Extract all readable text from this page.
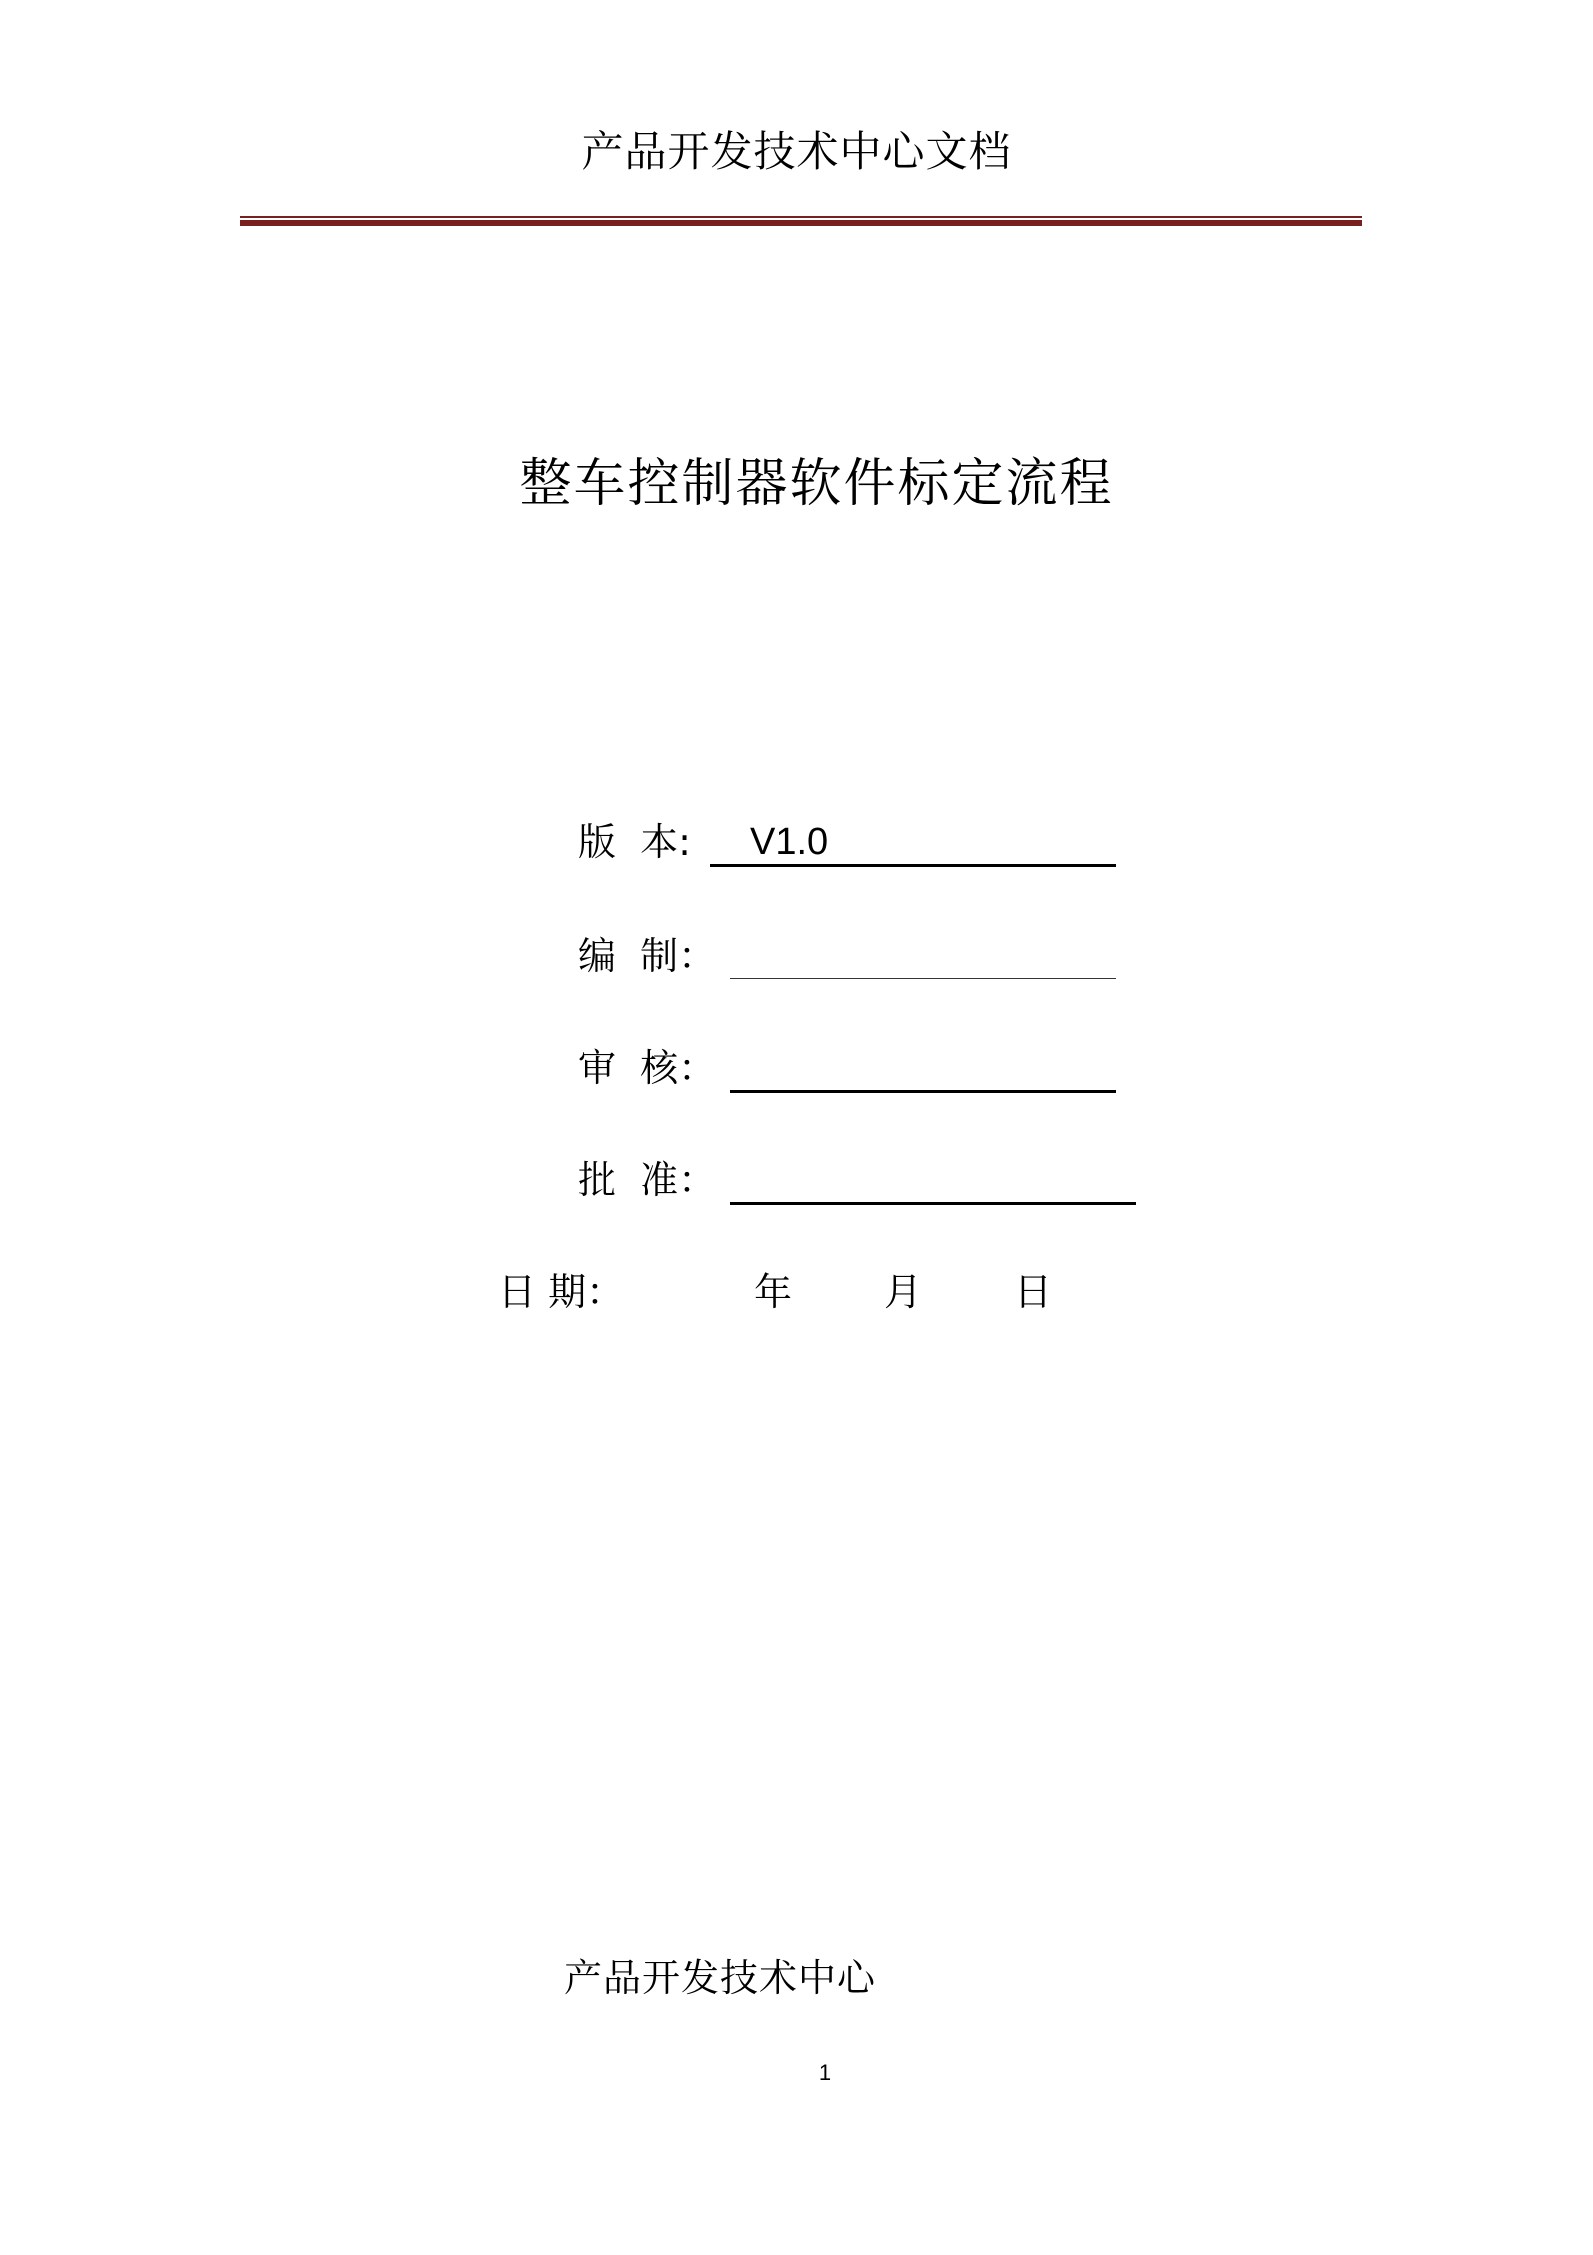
产品开发技术中心文档
整车控制器软件标定流程
版  本: V1.0
编  制：
审  核：
批  准：
日 期：	年 月 日
产品开发技术中心
1
